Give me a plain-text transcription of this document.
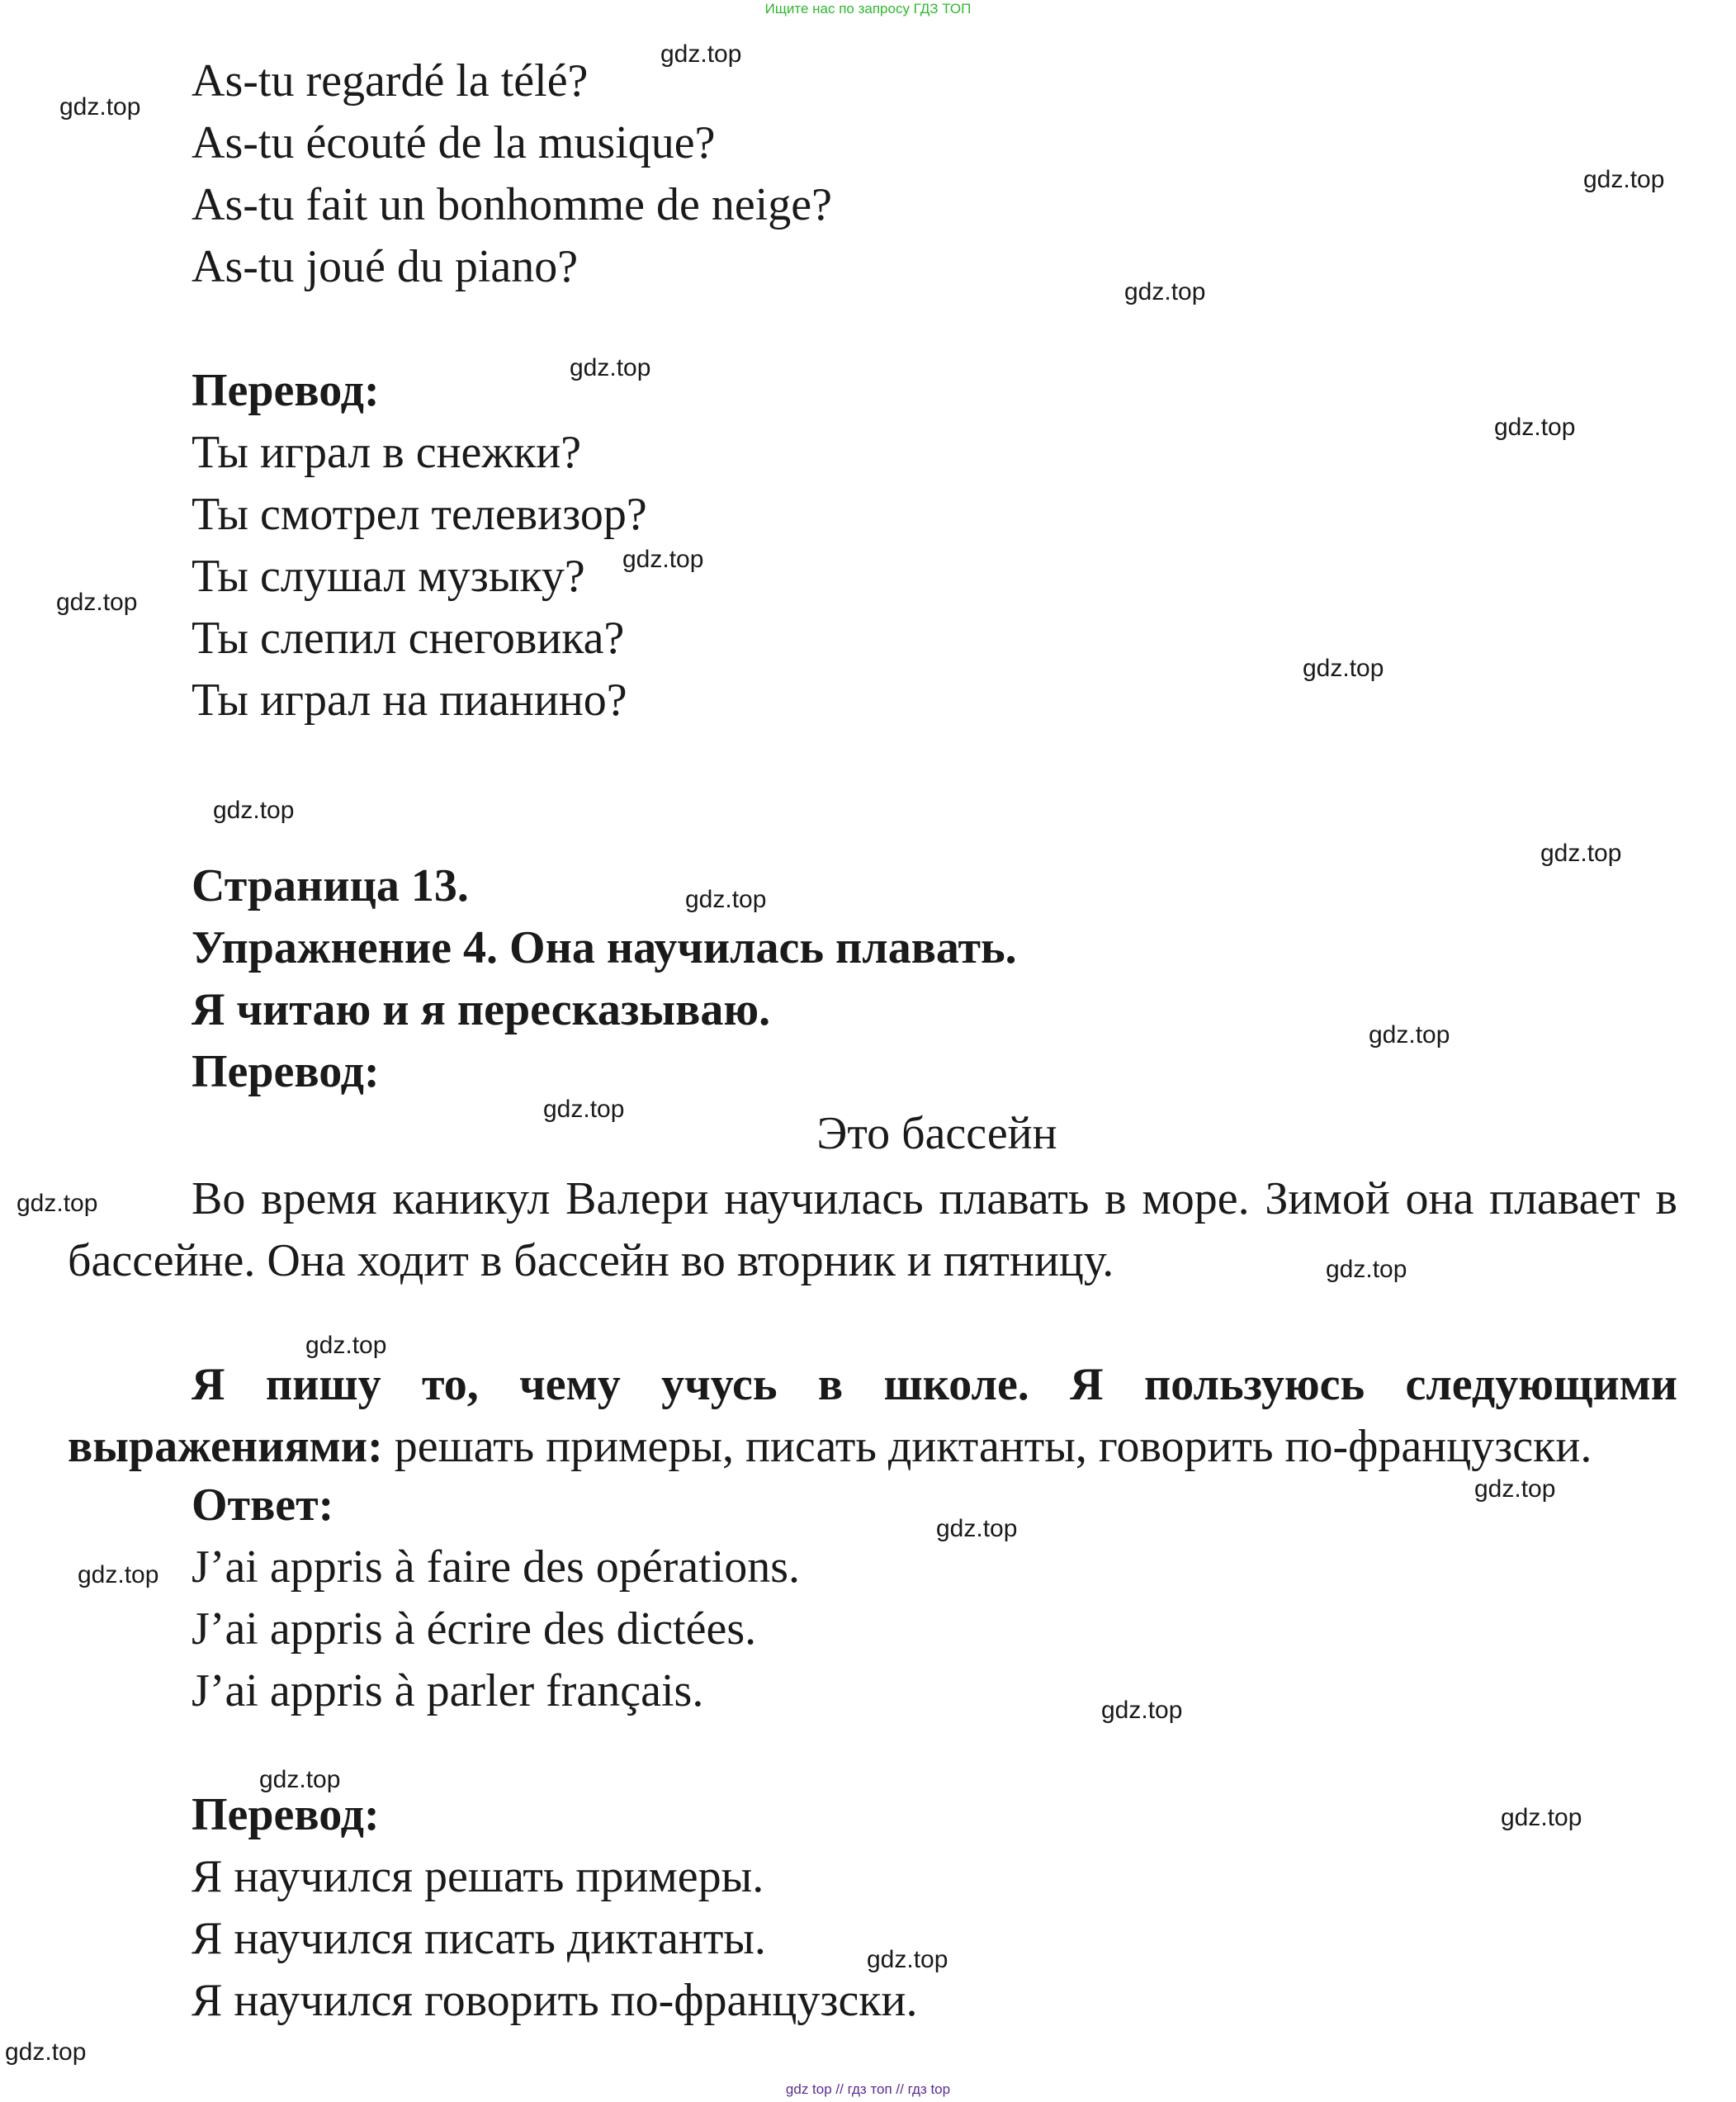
Ищите нас по запросу ГДЗ ТОП
As-tu regardé la télé?
As-tu écouté de la musique?
As-tu fait un bonhomme de neige?
As-tu joué du piano?
Перевод:
Ты играл в снежки?
Ты смотрел телевизор?
Ты слушал музыку?
Ты слепил снеговика?
Ты играл на пианино?
Страница 13.
Упражнение 4. Она научилась плавать.
Я читаю и я пересказываю.
Перевод:
Это бассейн

Во время каникул Валери научилась плавать в море. Зимой она плавает в бассейне. Она ходит в бассейн во вторник и пятницу.

Я пишу то, чему учусь в школе. Я пользуюсь следующими выражениями: решать примеры, писать диктанты, говорить по-французски.

Ответ:
J’ai appris à faire des opérations.
J’ai appris à écrire des dictées.
J’ai appris à parler français.
Перевод:
Я научился решать примеры.
Я научился писать диктанты.
Я научился говорить по-французски.
gdz.top
gdz.top
gdz.top
gdz.top
gdz.top
gdz.top
gdz.top
gdz.top
gdz.top
gdz.top
gdz.top
gdz.top
gdz.top
gdz.top
gdz.top
gdz.top
gdz.top
gdz.top
gdz.top
gdz.top
gdz.top
gdz.top
gdz.top
gdz.top
gdz.top
gdz top // гдз топ // гдз top
